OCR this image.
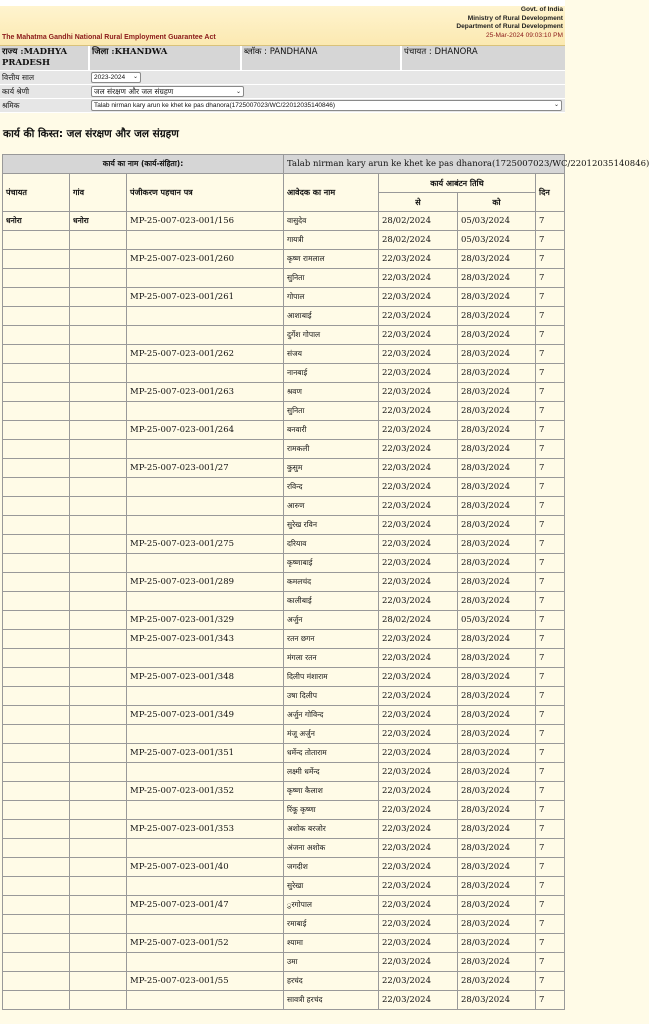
The Mahatma Gandhi National Rural Employment Guarantee Act
Govt. of India
Ministry of Rural Development
Department of Rural Development
25-Mar-2024 09:03:10 PM
राज्य :MADHYA PRADESH
जिला :KHANDWA	ब्लॉक : PANDHANA	पंचायत : DHANORA
वित्तीय साल	2023-2024 ⌄
कार्य श्रेणी	जल संरक्षण और जल संग्रहण	⌄
श्रमिक	Talab nirman kary arun ke khet ke pas dhanora(1725007023/WC/22012035140846)	⌄
कार्य की किस्त: जल संरक्षण और जल संग्रहण
कार्य का नाम (कार्य-संहिता):			Talab nirman kary arun ke khet ke pas dhanora(1725007023/WC/22012035140846)			
पंचायत	गांव	पंजीकरण पहचान पत्र	आवेदक का नाम	कार्य आबंटन तिथि		दिन
				से	को	
धनोरा	धनोरा	MP-25-007-023-001/156	वासुदेव	28/02/2024	05/03/2024	7
			गायत्री	28/02/2024	05/03/2024	7
		MP-25-007-023-001/260	कृष्ण रामलाल	22/03/2024	28/03/2024	7
			सुनिता	22/03/2024	28/03/2024	7
		MP-25-007-023-001/261	गोपाल	22/03/2024	28/03/2024	7
			आशाबाई	22/03/2024	28/03/2024	7
			दुर्गेश गोपाल	22/03/2024	28/03/2024	7
		MP-25-007-023-001/262	संजय	22/03/2024	28/03/2024	7
			नानबाई	22/03/2024	28/03/2024	7
		MP-25-007-023-001/263	श्रवण	22/03/2024	28/03/2024	7
			सुनिता	22/03/2024	28/03/2024	7
		MP-25-007-023-001/264	बनवारी	22/03/2024	28/03/2024	7
			रामकली	22/03/2024	28/03/2024	7
		MP-25-007-023-001/27	कुसुम	22/03/2024	28/03/2024	7
			रविन्द	22/03/2024	28/03/2024	7
			आरुण	22/03/2024	28/03/2024	7
			सुरेख रविन	22/03/2024	28/03/2024	7
		MP-25-007-023-001/275	दरियाव	22/03/2024	28/03/2024	7
			कृष्णाबाई	22/03/2024	28/03/2024	7
		MP-25-007-023-001/289	कमलचंद	22/03/2024	28/03/2024	7
			कालीबाई	22/03/2024	28/03/2024	7
		MP-25-007-023-001/329	अर्जुन	28/02/2024	05/03/2024	7
		MP-25-007-023-001/343	रतन छगन	22/03/2024	28/03/2024	7
			मंगला रतन	22/03/2024	28/03/2024	7
		MP-25-007-023-001/348	दिलीप मंशाराम	22/03/2024	28/03/2024	7
			उषा दिलीप	22/03/2024	28/03/2024	7
		MP-25-007-023-001/349	अर्जुन गोविन्द	22/03/2024	28/03/2024	7
			मंजू अर्जुन	22/03/2024	28/03/2024	7
		MP-25-007-023-001/351	धर्मेन्द तोताराम	22/03/2024	28/03/2024	7
			लक्ष्मी धर्मेन्द	22/03/2024	28/03/2024	7
		MP-25-007-023-001/352	कृष्णा कैलाश	22/03/2024	28/03/2024	7
			रिंकू कृष्णा	22/03/2024	28/03/2024	7
		MP-25-007-023-001/353	अशोक बरजोर	22/03/2024	28/03/2024	7
			अंजना अशोक	22/03/2024	28/03/2024	7
		MP-25-007-023-001/40	जगदीश	22/03/2024	28/03/2024	7
			सुरेखा	22/03/2024	28/03/2024	7
		MP-25-007-023-001/47	ुरगोपाल	22/03/2024	28/03/2024	7
			रमाबाई	22/03/2024	28/03/2024	7
		MP-25-007-023-001/52	श्यामा	22/03/2024	28/03/2024	7
			उमा	22/03/2024	28/03/2024	7
		MP-25-007-023-001/55	हरचंद	22/03/2024	28/03/2024	7
			सावत्री हरचंद	22/03/2024	28/03/2024	7
